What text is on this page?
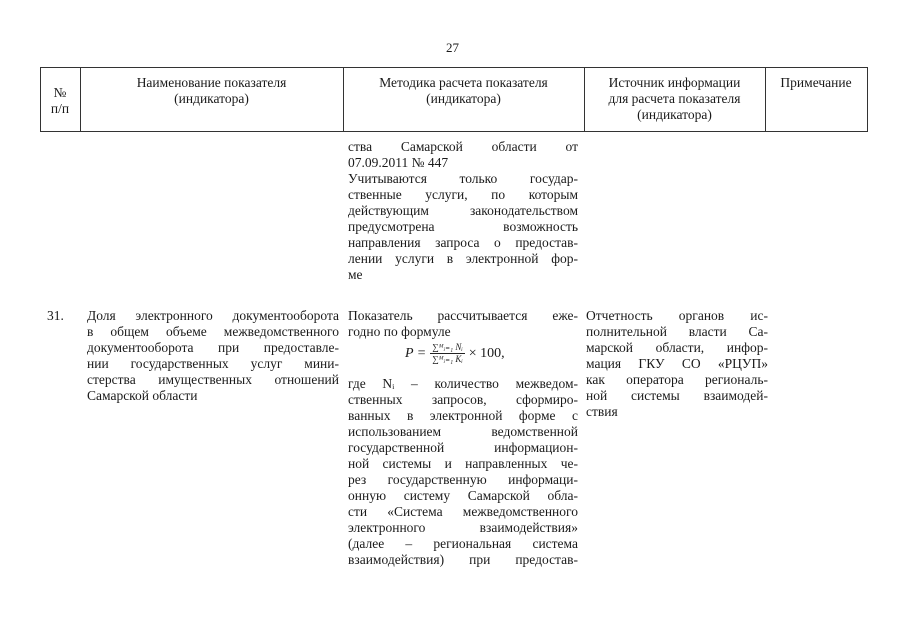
27
№
п/п
Наименование показателя
(индикатора)
Методика расчета показателя
(индикатора)
Источник информации
для расчета показателя
(индикатора)
Примечание
ства Самарской области от
07.09.2011 № 447
Учитываются только государ-
ственные услуги, по которым
действующим законодательством
предусмотрена возможность
направления запроса о предостав-
лении услуги в электронной фор-
ме
31.	Доля электронного документооборота
в общем объеме межведомственного
документооборота при предоставле-
нии государственных услуг мини-
стерства имущественных отношений
Самарской области
Показатель рассчитывается еже-
годно по формуле
$P = \frac{\text{∑ᴹᵢ₌₁ Nᵢ}}{\text{∑ᴹᵢ₌₁ Kᵢ}} \times 100$,
где Nᵢ – количество межведом-
ственных запросов, сформиро-
ванных в электронной форме с
использованием ведомственной
государственной информацион-
ной системы и направленных че-
рез государственную информаци-
онную систему Самарской обла-
сти «Система межведомственного
электронного взаимодействия»
(далее – региональная система
взаимодействия) при предостав-
Отчетность органов ис-
полнительной власти Са-
марской области, инфор-
мация ГКУ СО «РЦУП»
как оператора региональ-
ной системы взаимодей-
ствия
